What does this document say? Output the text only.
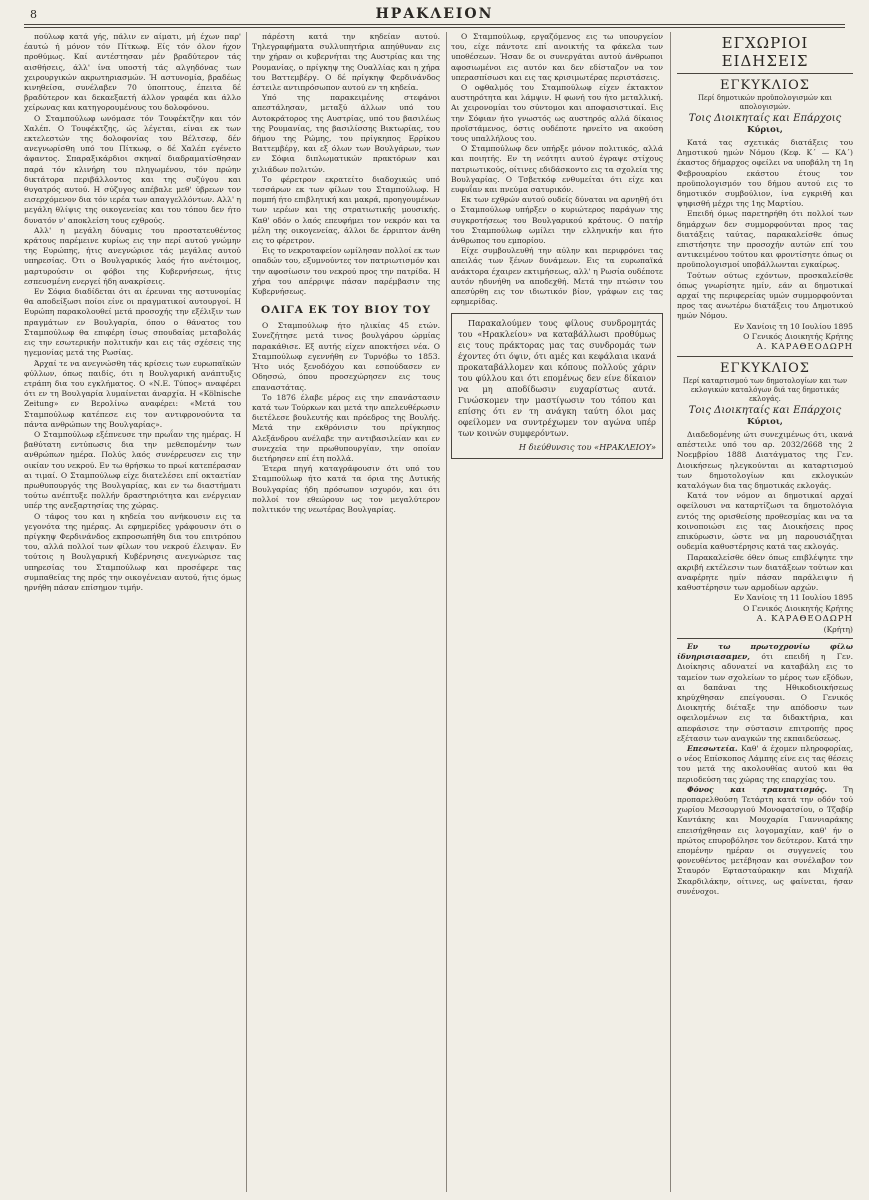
8	ΗΡΑΚΛΕΙΟΝ

πούλωφ κατά γής, πάλιν εν αίματι, μή έχων παρ' έαυτώ ή μόνον τόν Πίτκωφ. Είς τόν όλον ήχον προθύμως. Καί αντέστησαν μέν βραδύτερον τάς αισθήσεις, άλλ' ίνα υποστή τάς αλγηδόνας των χειρουργικών ακρωτηριασμών. Ή αστυνομία, βραδέως κινηθείσα, συνέλαβεν 70 ύποπτους, έπειτα δέ βραδύτερον και δεκαεξαετή άλλον γραφέα και άλλο χείρωνας και κατηγορουμένους του δολοφόνου.

Ο Σταμπούλωφ ωνόμασε τόν Τουφέκτζην και τόν Χαλέπ. Ο Τουφέκτζης, ώς λέγεται, είναι εκ των εκτελεστών της δολοφονίας του Βέλτσεφ, δέν ανεγνωρίσθη υπό του Πίτκωφ, ο δέ Χαλέπ εγένετο άφαντος. Σπαραξικάρδιοι σκηναί διαδραματίσθησαν παρά τόν κλινήρη του πληγωμένου, τόν πρώην δικτάτορα περιβάλλοντος και της συζύγου και θυγατρός αυτού. Η σύζυγος απέβαλε μεθ' ύβρεων τον εισερχόμενον δια τόν ιερέα των απαγγελλόντων. Αλλ' η μεγάλη θλίψις της οικογενείας και του τόπου δεν ήτο δυνατόν ν' αποκλείση τους εχθρούς.

Αλλ' η μεγάλη δύναμις του προστατευθέντος κράτους παρέμεινε κυρίως εις την περί αυτού γνώμην της Ευρώπης, ήτις ανεγνώρισε τάς μεγάλας αυτού υπηρεσίας. Ότι ο Βουλγαρικός λαός ήτο ανέτοιμος, μαρτυρούσιν οι φόβοι της Κυβερνήσεως, ήτις εσπευσμένη ενεργεί ήδη ανακρίσεις.

Εν Σόφια διαδίδεται ότι αι έρευναι της αστυνομίας θα αποδείξωσι ποίοι είνε οι πραγματικοί αυτουργοί. Η Ευρώπη παρακολουθεί μετά προσοχής την εξέλιξιν των πραγμάτων εν Βουλγαρία, όπου ο θάνατος του Σταμπούλωφ θα επιφέρη ίσως σπουδαίας μεταβολάς εις την εσωτερικήν πολιτικήν και εις τάς σχέσεις της ηγεμονίας μετά της Ρωσίας.

Άρχαί τε να ανεγνώσθη τάς κρίσεις των ευρωπαϊκών φύλλων, όπως παιδίς, ότι η Βουλγαρική ανάπτυξις ετράπη δια του εγκλήματος. Ο «Ν.Ε. Τύπος» αναφέρει ότι εν τη Βουλγαρία λυμαίνεται άναρχία. Η «Kölnische Zeitung» εν Βερολίνω αναφέρει: «Μετά του Σταμπούλωφ κατέπεσε εις τον αντιφρονούντα τα πάντα ανθρώπων της Βουλγαρίας».

Ο Σταμπούλωφ εξέπνευσε την πρωΐαν της ημέρας. Η βαθύτατη εντύπωσις δια την μεθεπομένην των ανθρώπων ημέρα. Πολύς λαός συνέρρευσεν εις την οικίαν του νεκρού. Εν τω θρήσκω το πρωί κατεπέρασαν αι τιμαί. Ο Σταμπούλωφ είχε διατελέσει επί οκταετίαν πρωθυπουργός της Βουλγαρίας, και εν τω διαστήματι τούτω ανέπτυξε πολλήν δραστηριότητα και ενέργειαν υπέρ της ανεξαρτησίας της χώρας.

Ο τάφος του και η κηδεία του ανήκουσιν εις τα γεγονότα της ημέρας. Αι εφημερίδες γράφουσιν ότι ο πρίγκηψ Φερδινάνδος εκπροσωπήθη δια του επιτρόπου του, αλλά πολλοί των φίλων του νεκρού έλειψαν. Εν τούτοις η Βουλγαρική Κυβέρνησις ανεγνώρισε τας υπηρεσίας του Σταμπούλωφ και προσέφερε τας συμπαθείας της πρός την οικογένειαν αυτού, ήτις όμως ηρνήθη πάσαν επίσημον τιμήν.

πάρέστη κατά την κηδείαν αυτού. Τηλεγραφήματα συλλυπητήρια απηύθυναν εις την χήραν οι κυβερνήται της Αυστρίας και της Ρουμανίας, ο πρίγκηψ της Ουαλλίας και η χήρα του Βαττεμβέργ. Ο δέ πρίγκηψ Φερδινάνδος έστειλε αντιπρόσωπον αυτού εν τη κηδεία.

Υπό της παρακειμένης στεφάνοι απεστάλησαν, μεταξύ άλλων υπό του Αυτοκράτορος της Αυστρίας, υπό του βασιλέως της Ρουμανίας, της βασιλίσσης Βικτωρίας, του δήμου της Ρώμης, του πρίγκηπος Ερρίκου Βαττεμβέργ, και εξ όλων των Βουλγάρων, των εν Σόφια διπλωματικών πρακτόρων και χιλιάδων πολιτών.

Το φέρετρον εκρατείτο διαδοχικώς υπό τεσσάρων εκ των φίλων του Σταμπούλωφ. Η πομπή ήτο επιβλητική και μακρά, προηγουμένων των ιερέων και της στρατιωτικής μουσικής. Καθ' οδόν ο λαός επευφήμει τον νεκρόν και τα μέλη της οικογενείας, άλλοι δε έρριπτον άνθη εις το φέρετρον.

Εις το νεκροταφείον ωμίλησαν πολλοί εκ των οπαδών του, εξυμνούντες τον πατριωτισμόν και την αφοσίωσιν του νεκρού προς την πατρίδα. Η χήρα του απέρριψε πάσαν παρέμβασιν της Κυβερνήσεως.

ΟΛΙΓΑ ΕΚ ΤΟΥ ΒΙΟΥ ΤΟΥ

Ο Σταμπούλωφ ήτο ηλικίας 45 ετών. Συνεζήτησε μετά τινος βουλγάρου ώρμίας παρακάθισε. Εξ αυτής είχεν αποκτήσει νέα. Ο Σταμπούλωφ εγεννήθη εν Τυρνόβω το 1853. Ήτο υιός ξενοδόχου και εσπούδασεν εν Οδησσώ, όπου προσεχώρησεν εις τους επαναστάτας.

Το 1876 έλαβε μέρος εις την επανάστασιν κατά των Τούρκων και μετά την απελευθέρωσιν διετέλεσε βουλευτής και πρόεδρος της Βουλής. Μετά την εκθρόνισιν του πρίγκηπος Αλεξάνδρου ανέλαβε την αντιβασιλείαν και εν συνεχεία την πρωθυπουργίαν, την οποίαν διετήρησεν επί έτη πολλά.

Έτερα πηγή καταγράφουσιν ότι υπό του Σταμπούλωφ ήτο κατά τα όρια της Δυτικής Βουλγαρίας ήδη πρόσωπον ισχυρόν, και ότι πολλοί τον εθεώρουν ως τον μεγαλύτερον πολιτικόν της νεωτέρας Βουλγαρίας.

Ο Σταμπούλωφ, εργαζόμενος εις τω υπουργείον του, είχε πάντοτε επί ανοικτής τα φάκελα των υποθέσεων. Ήσαν δε οι συνεργάται αυτού άνθρωποι αφοσιωμένοι εις αυτόν και δεν εδίσταζον να τον υπερασπίσωσι και εις τας κρισιμωτέρας περιστάσεις.

Ο οφθαλμός του Σταμπούλωφ είχεν έκτακτον αυστηρότητα και λάμψιν. Η φωνή του ήτο μεταλλική. Αι χειρονομίαι του σύντομοι και αποφασιστικαί. Εις την Σόφιαν ήτο γνωστός ως αυστηρός αλλά δίκαιος προϊστάμενος, όστις ουδέποτε ηρνείτο να ακούση τους υπαλλήλους του.

Ο Σταμπούλωφ δεν υπήρξε μόνον πολιτικός, αλλά και ποιητής. Εν τη νεότητι αυτού έγραψε στίχους πατριωτικούς, οίτινες εδιδάσκοντο εις τα σχολεία της Βουλγαρίας. Ο Τσβετκόφ ενθυμείται ότι είχε και ευφυΐαν και πνεύμα σατυρικόν.

Εκ των εχθρών αυτού ουδείς δύναται να αρνηθή ότι ο Σταμπούλωφ υπήρξεν ο κυριώτερος παράγων της συγκροτήσεως του Βουλγαρικού κράτους. Ο πατήρ του Σταμπούλωφ ωμίλει την ελληνικήν και ήτο άνθρωπος του εμπορίου.

Είχε συμβουλευθή την αύλην και περιφρόνει τας απειλάς των ξένων δυνάμεων. Εις τα ευρωπαϊκά ανάκτορα έχαιρεν εκτιμήσεως, αλλ' η Ρωσία ουδέποτε αυτόν ηδυνήθη να αποδεχθή. Μετά την πτώσιν του απεσύρθη εις τον ιδιωτικόν βίον, γράφων εις τας εφημερίδας.

Παρακαλούμεν τους φίλους συνδρομητάς του «Ηρακλείου» να καταβάλλωσι προθύμως εις τους πράκτορας μας τας συνδρομάς των έχοντες ότι όψιν, ότι αμές και κεφάλαια ικανά προκαταβάλλομεν και κόπους πολλούς χάριν του φύλλου και ότι επομένως δεν είνε δίκαιον να μη αποδίδωσιν ευχαρίστως αυτά. Γινώσκομεν την μαστίγωσιν του τόπου και επίσης ότι εν τη ανάγκη ταύτη όλοι μας οφείλομεν να συντρέχωμεν τον αγώνα υπέρ των κοινών συμφερόντων.

Η διεύθυνσις του «ΗΡΑΚΛΕΙΟΥ»
ΕΓΧΩΡΙΟΙ ΕΙΔΗΣΕΙΣ
ΕΓΚΥΚΛΙΟΣ
Περί δημοτικών προϋπολογισμών και απολογισμών.
Τοις Διοικηταίς και Επάρχοις
Κύριοι,

Κατά τας σχετικάς διατάξεις του Δημοτικού ημών Νόμου (Κεφ. Κ΄ — ΚΑ΄) έκαστος δήμαρχος οφείλει να υποβάλη τη 1η Φεβρουαρίου εκάστου έτους τον προϋπολογισμόν του δήμου αυτού εις το δημοτικόν συμβούλιον, ίνα εγκριθή και ψηφισθή μέχρι της 1ης Μαρτίου.

Επειδή όμως παρετηρήθη ότι πολλοί των δημάρχων δεν συμμορφούνται προς τας διατάξεις ταύτας, παρακαλείσθε όπως επιστήσητε την προσοχήν αυτών επί του αντικειμένου τούτου και φροντίσητε όπως οι προϋπολογισμοί υποβάλλωνται εγκαίρως.

Τούτων ούτως εχόντων, προσκαλείσθε όπως γνωρίσητε ημίν, εάν αι δημοτικαί αρχαί της περιφερείας υμών συμμορφούνται προς τας ανωτέρω διατάξεις του Δημοτικού ημών Νόμου.

Εν Χανίοις τη 10 Ιουλίου 1895
Ο Γενικός Διοικητής Κρήτης
Α. ΚΑΡΑΘΕΟΔΩΡΗ
ΕΓΚΥΚΛΙΟΣ
Περί καταρτισμού των δημοτολογίων και των εκλογικών καταλόγων διά τας δημοτικάς εκλογάς.
Τοις Διοικηταίς και Επάρχοις
Κύριοι,

Διαδεδομένης ώτι συνεχιμένως ότι, ικανά απέστειλε υπό του αρ. 2032/2668 της 2 Νοεμβρίου 1888 Διατάγματος της Γεν. Διοικήσεως ηλεγκούνται αι καταρτισμού των δημοτολογίων και εκλογικών καταλόγων δια τας δημοτικάς εκλογάς.

Κατά τον νόμον αι δημοτικαί αρχαί οφείλουσι να καταρτίζωσι τα δημοτολόγια εντός της ορισθείσης προθεσμίας και να τα κοινοποιώσι εις τας Διοικήσεις προς επικύρωσιν, ώστε να μη παρουσιάζηται ουδεμία καθυστέρησις κατά τας εκλογάς.

Παρακαλείσθε όθεν όπως επιβλέψητε την ακριβή εκτέλεσιν των διατάξεων τούτων και αναφέρητε ημίν πάσαν παράλειψιν ή καθυστέρησιν των αρμοδίων αρχών.

Εν Χανίοις τη 11 Ιουλίου 1895
Ο Γενικός Διοικητής Κρήτης
Α. ΚΑΡΑΘΕΟΔΩΡΗ
(Κρήτη)

Εν τω πρωτοχρονίω φίλω ίδνηρισιασαμεν, ότι επειδή η Γεν. Διοίκησις αδυνατεί να καταβάλη εις το ταμείον των σχολείων το μέρος των εξόδων, αι δαπάναι της Ηθικοδιοικήσεως κηρύχθησαν επείγουσαι. Ο Γενικός Διοικητής διέταξε την απόδοσιν των οφειλομένων εις τα διδακτήρια, και απεφάσισε την σύστασιν επιτροπής προς εξέτασιν των αναγκών της εκπαιδεύσεως.

Επεσωτεία. Καθ' ά έχομεν πληροφορίας, ο νέος Επίσκοπος Λάμπης είνε εις τας θέσεις του μετά της ακολουθίας αυτού και θα περιοδεύση τας χώρας της επαρχίας του.

Φόνος και τραυματισμός. Τη προπαρελθούση Τετάρτη κατά την οδόν τού χωρίου Μεσουργιού Μονοφατσίου, ο Τζαβίρ Καντάκης και Μουχαρία Γιαννιαράκης επεισήχθησαν εις λογομαχίαν, καθ' ήν ο πρώτος επυροβόλησε τον δεύτερον. Κατά την επομένην ημέραν οι συγγενείς του φονευθέντος μετέβησαν και συνέλαβον τον Σταυρόν Εφτασταύρακην και Μιχαήλ Σκαρδιλάκην, οίτινες, ως φαίνεται, ήσαν συνένοχοι.
